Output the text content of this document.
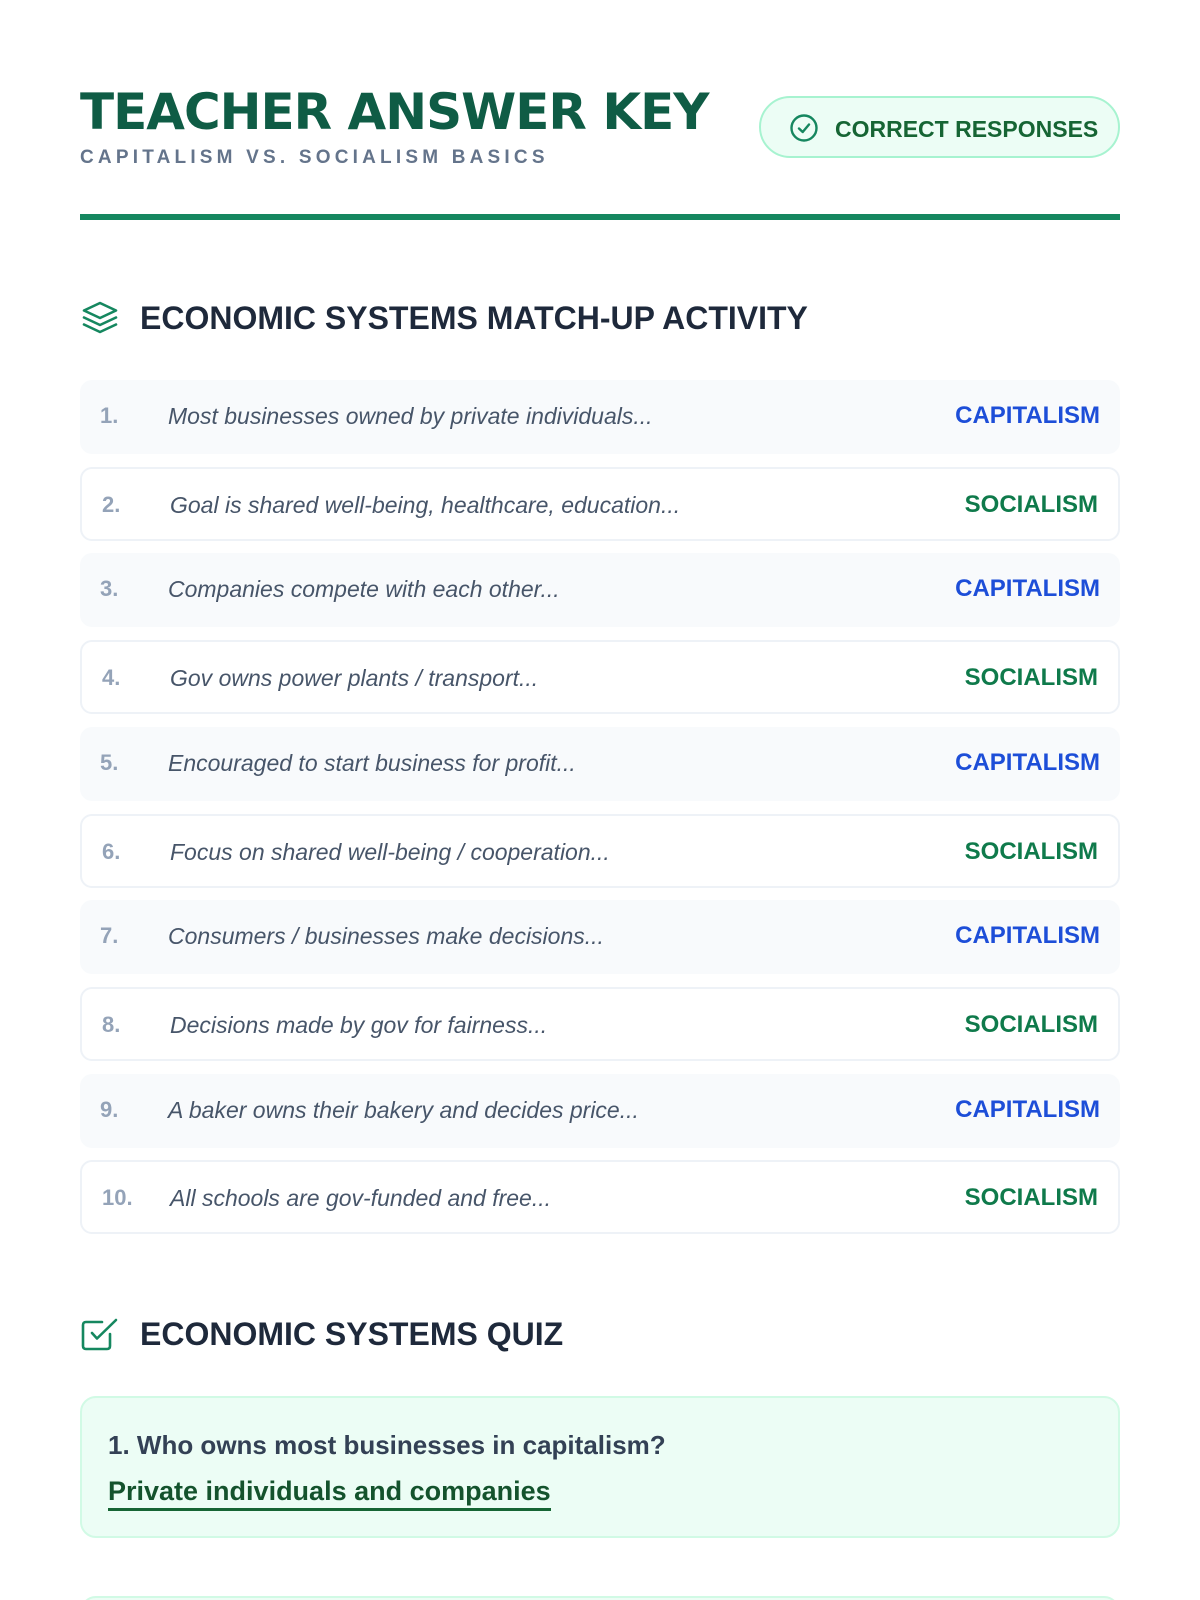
TEACHER ANSWER KEY
CAPITALISM VS. SOCIALISM BASICS
CORRECT RESPONSES
ECONOMIC SYSTEMS MATCH-UP ACTIVITY
1. Most businesses owned by private individuals...	CAPITALISM
2. Goal is shared well-being, healthcare, education...	SOCIALISM
3. Companies compete with each other...	CAPITALISM
4. Gov owns power plants / transport...	SOCIALISM
5. Encouraged to start business for profit...	CAPITALISM
6. Focus on shared well-being / cooperation...	SOCIALISM
7. Consumers / businesses make decisions...	CAPITALISM
8. Decisions made by gov for fairness...	SOCIALISM
9. A baker owns their bakery and decides price...	CAPITALISM
10. All schools are gov-funded and free...	SOCIALISM
ECONOMIC SYSTEMS QUIZ
1. Who owns most businesses in capitalism?
Private individuals and companies
